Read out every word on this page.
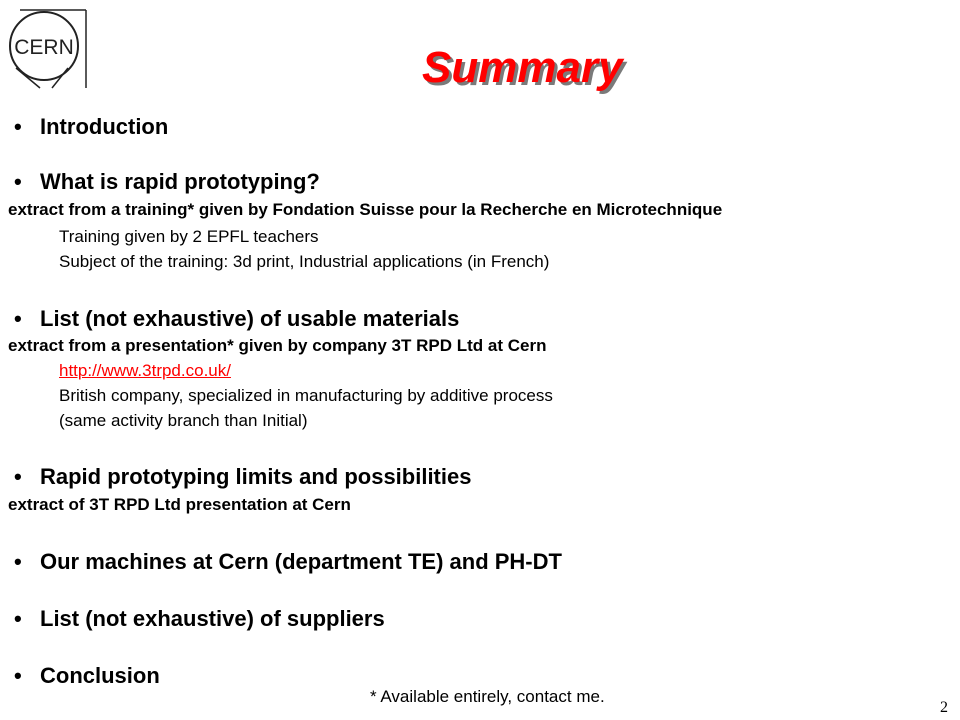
CERN	Summary
• Introduction
• What is rapid prototyping?
extract from a training* given by Fondation Suisse pour la Recherche en Microtechnique
Training given by 2 EPFL teachers
Subject of the training: 3d print, Industrial applications (in French)
• List (not exhaustive) of usable materials
extract from a presentation* given by company 3T RPD Ltd at Cern
http://www.3trpd.co.uk/
British company, specialized in manufacturing by additive process
(same activity branch than Initial)
• Rapid prototyping limits and possibilities
extract of 3T RPD Ltd presentation at Cern
• Our machines at Cern (department TE) and PH-DT
• List (not exhaustive) of suppliers
• Conclusion
* Available entirely, contact me.
2
